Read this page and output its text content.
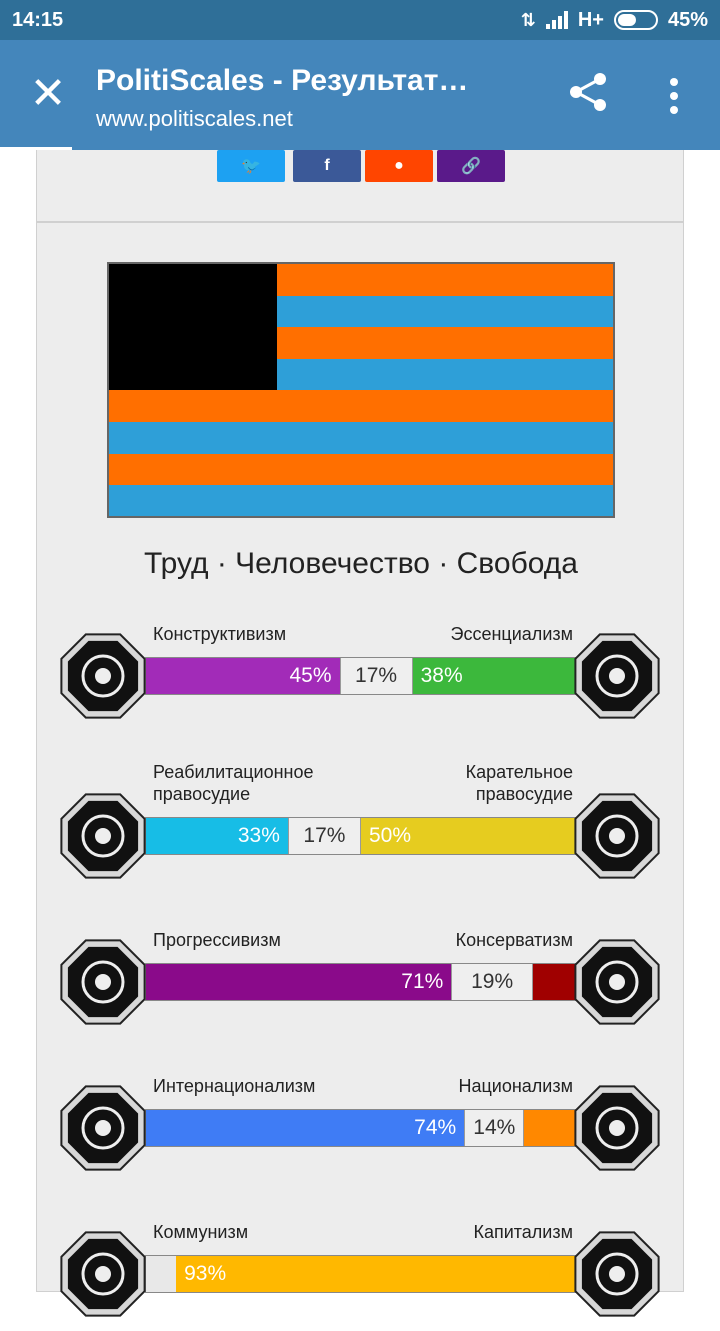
14:15	⇅ H+	45%
✕ PolitiScales - Результат…
www.politiscales.net
🐦	f	●	🔗
Труд · Человечество · Свобода
Конструктивизм	Эссенциализм
45%	17%	38%
Реабилитационное
правосудие
Карательное
правосудие
33%	17%	50%
Прогрессивизм	Консерватизм
71%	19%
Интернационализм	Национализм
74% 14%
Коммунизм	Капитализм
93%
